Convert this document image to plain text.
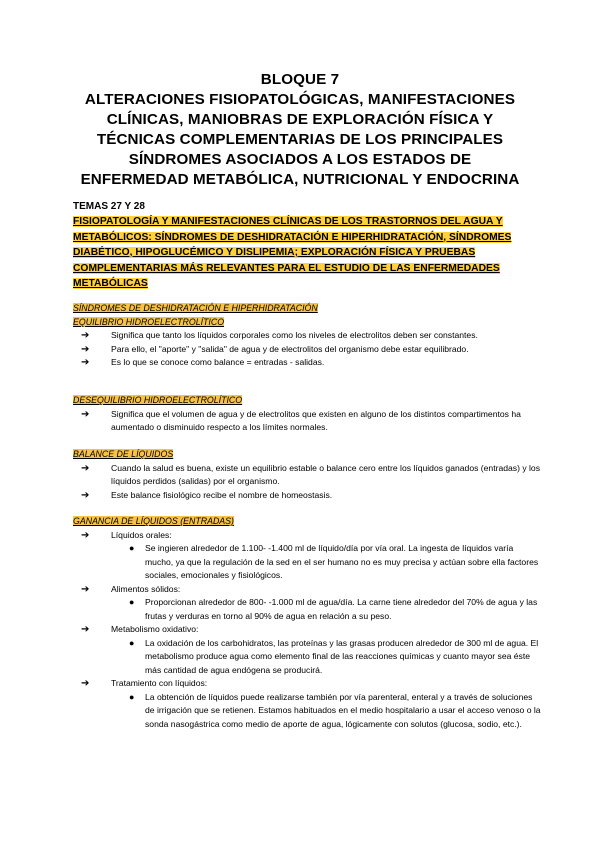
BLOQUE 7
ALTERACIONES FISIOPATOLÓGICAS, MANIFESTACIONES
CLÍNICAS, MANIOBRAS DE EXPLORACIÓN FÍSICA Y
TÉCNICAS COMPLEMENTARIAS DE LOS PRINCIPALES
SÍNDROMES ASOCIADOS A LOS ESTADOS DE
ENFERMEDAD METABÓLICA, NUTRICIONAL Y ENDOCRINA
TEMAS 27 Y 28
FISIOPATOLOGÍA Y MANIFESTACIONES CLÍNICAS DE LOS TRASTORNOS DEL AGUA Y METABÓLICOS: SÍNDROMES DE DESHIDRATACIÓN E HIPERHIDRATACIÓN, SÍNDROMES DIABÉTICO, HIPOGLUCÉMICO Y DISLIPEMIA; EXPLORACIÓN FÍSICA Y PRUEBAS COMPLEMENTARIAS MÁS RELEVANTES PARA EL ESTUDIO DE LAS ENFERMEDADES METABÓLICAS
SÍNDROMES DE DESHIDRATACIÓN E HIPERHIDRATACIÓN
EQUILIBRIO HIDROELECTROLÍTICO
➔	Significa que tanto los líquidos corporales como los niveles de electrolitos deben ser constantes.
➔	Para ello, el "aporte" y "salida" de agua y de electrolitos del organismo debe estar equilibrado.
➔	Es lo que se conoce como balance = entradas - salidas.
DESEQUILIBRIO HIDROELECTROLÍTICO
➔	Significa que el volumen de agua y de electrolitos que existen en alguno de los distintos compartimentos ha aumentado o disminuido respecto a los límites normales.
BALANCE DE LÍQUIDOS
➔	Cuando la salud es buena, existe un equilibrio estable o balance cero entre los líquidos ganados (entradas) y los líquidos perdidos (salidas) por el organismo.
➔	Este balance fisiológico recibe el nombre de homeostasis.
GANANCIA DE LÍQUIDOS (ENTRADAS)
➔	Líquidos orales:
● Se ingieren alrededor de 1.100- -1.400 ml de líquido/día por vía oral. La ingesta de líquidos varía mucho, ya que la regulación de la sed en el ser humano no es muy precisa y actúan sobre ella factores sociales, emocionales y fisiológicos.
➔	Alimentos sólidos:
● Proporcionan alrededor de 800- -1.000 ml de agua/día. La carne tiene alrededor del 70% de agua y las frutas y verduras en torno al 90% de agua en relación a su peso.
➔	Metabolismo oxidativo:
● La oxidación de los carbohidratos, las proteínas y las grasas producen alrededor de 300 ml de agua. El metabolismo produce agua como elemento final de las reacciones químicas y cuanto mayor sea éste más cantidad de agua endógena se producirá.
➔	Tratamiento con líquidos:
● La obtención de líquidos puede realizarse también por vía parenteral, enteral y a través de soluciones de irrigación que se retienen. Estamos habituados en el medio hospitalario a usar el acceso venoso o la sonda nasogástrica como medio de aporte de agua, lógicamente con solutos (glucosa, sodio, etc.).
